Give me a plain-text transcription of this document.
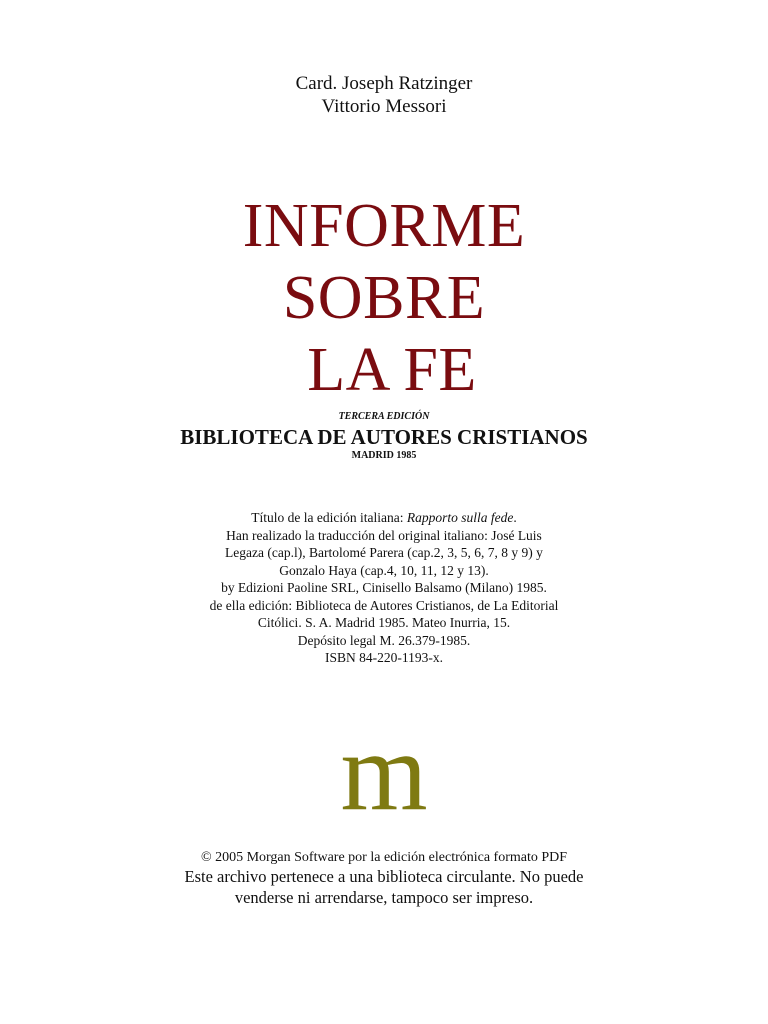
Card. Joseph Ratzinger
Vittorio Messori
INFORME
SOBRE
LA FE
TERCERA EDICIÓN
BIBLIOTECA DE AUTORES CRISTIANOS
MADRID 1985
Título de la edición italiana: Rapporto sulla fede.
Han realizado la traducción del original italiano: José Luis
Legaza (cap.l), Bartolomé Parera (cap.2, 3, 5, 6, 7, 8 y 9) y
Gonzalo Haya (cap.4, 10, 11, 12 y 13).
by Edizioni Paoline SRL, Cinisello Balsamo (Milano) 1985.
de ella edición: Biblioteca de Autores Cristianos, de La Editorial
Citólici. S. A. Madrid 1985. Mateo Inurria, 15.
Depósito legal M. 26.379-1985.
ISBN 84-220-1193-x.
m
© 2005 Morgan Software por la edición electrónica formato PDF
Este archivo pertenece a una biblioteca circulante. No puede
venderse ni arrendarse, tampoco ser impreso.
